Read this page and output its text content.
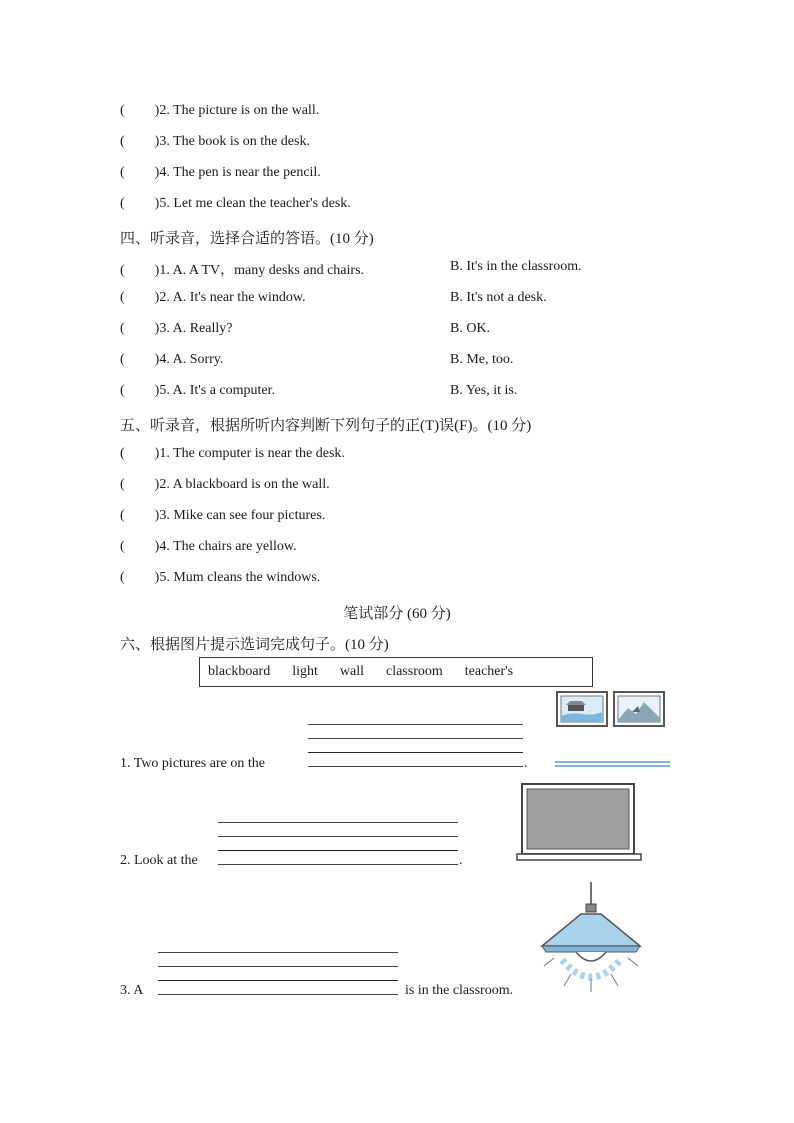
( )2. The picture is on the wall.
( )3. The book is on the desk.
( )4. The pen is near the pencil.
( )5. Let me clean the teacher's desk.
四、听录音，选择合适的答语。(10 分)
( )1. A. A TV，many desks and chairs.	B. It's in the classroom.
( )2. A. It's near the window.	B. It's not a desk.
( )3. A. Really?	B. OK.
( )4. A. Sorry.	B. Me, too.
( )5. A. It's a computer.	B. Yes, it is.
五、听录音，根据所听内容判断下列句子的正(T)误(F)。(10 分)
( )1. The computer is near the desk.
( )2. A blackboard is on the wall.
( )3. Mike can see four pictures.
( )4. The chairs are yellow.
( )5. Mum cleans the windows.
笔试部分 (60 分)
六、根据图片提示选词完成句子。(10 分)
blackboard light wall classroom teacher's
1. Two pictures are on the	.
2. Look at the	.
3. A	is in the classroom.
